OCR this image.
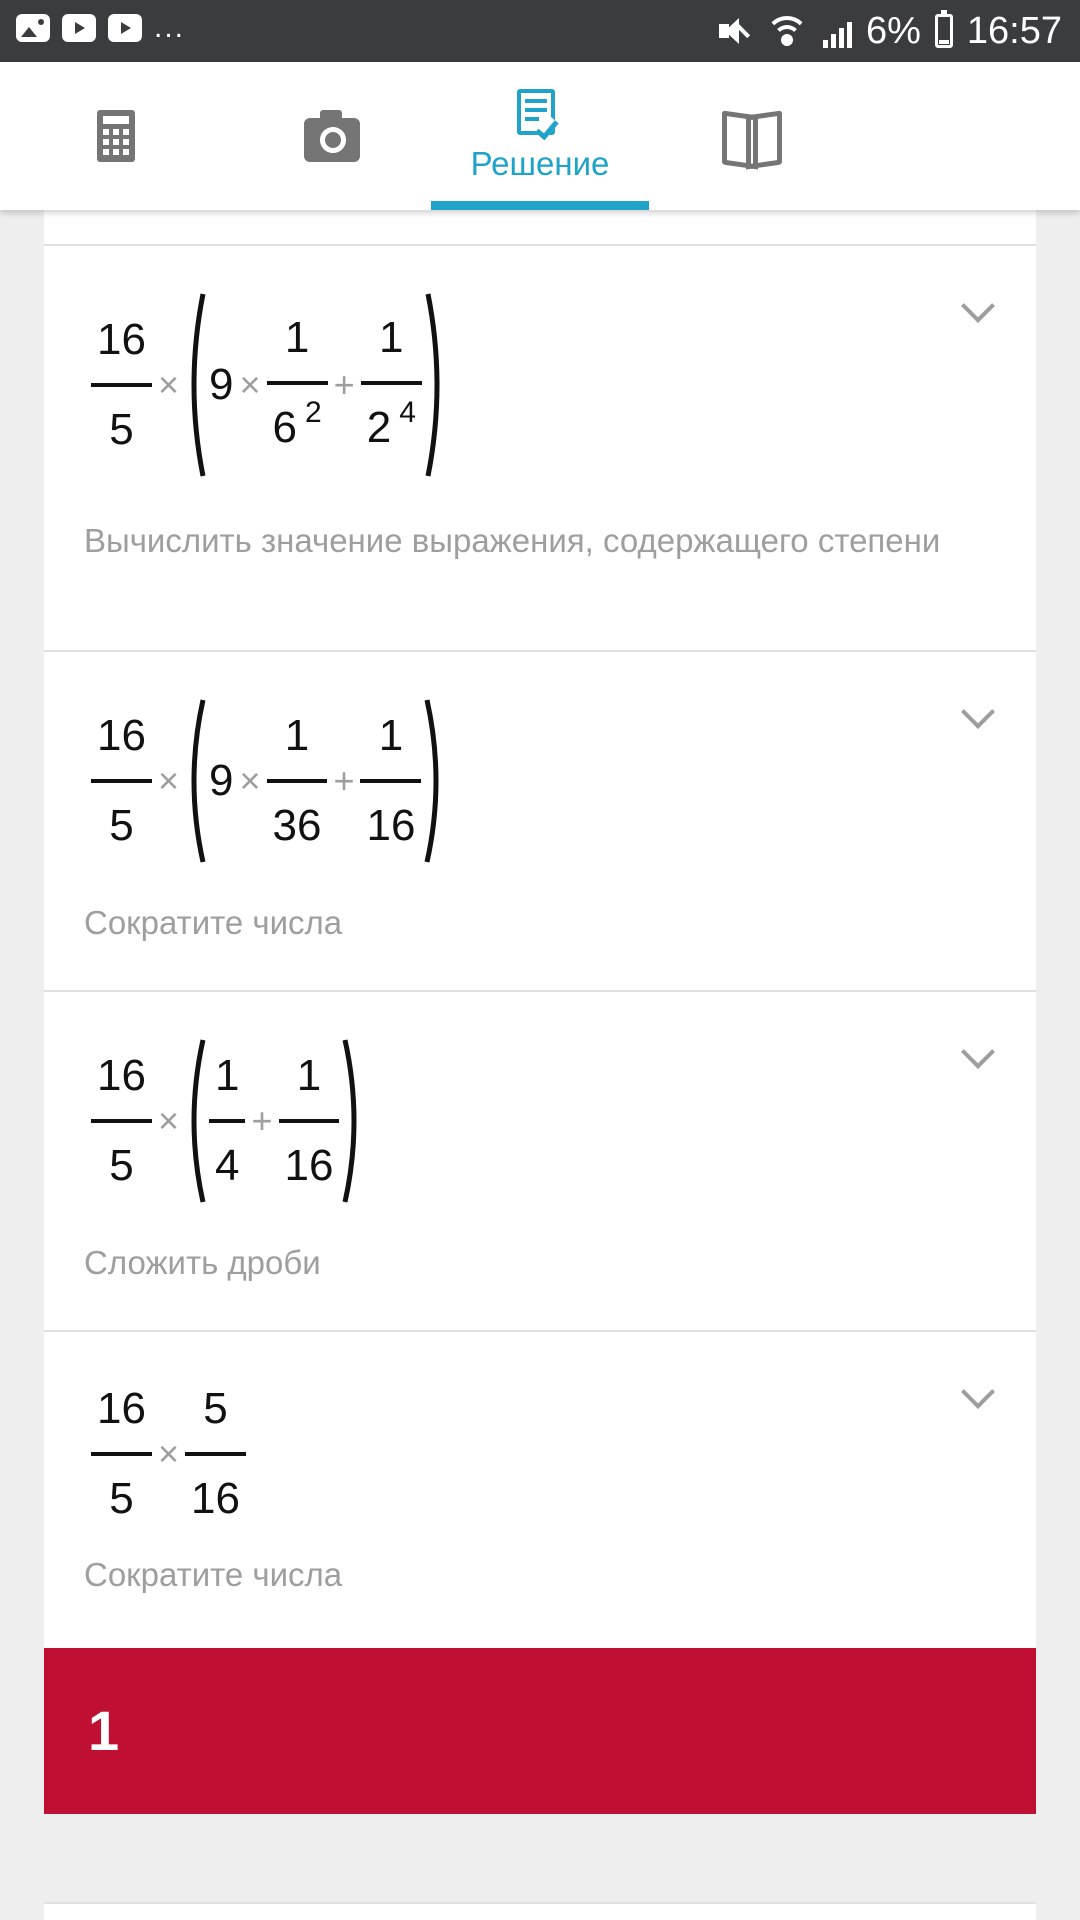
...	6% 16:57
Решение
$\frac{16}{5} \times 9 \times \frac{1}{6 ^2} + \frac{1}{2 ^4}$
Вычислить значение выражения, содержащего степени
$\frac{16}{5} \times 9 \times \frac{1}{36} + \frac{1}{16}$
Сократите числа
$\frac{16}{5} \times \frac{1}{4} + \frac{1}{16}$
Сложить дроби
$\frac{16}{5} \times \frac{5}{16}$
Сократите числа
1
